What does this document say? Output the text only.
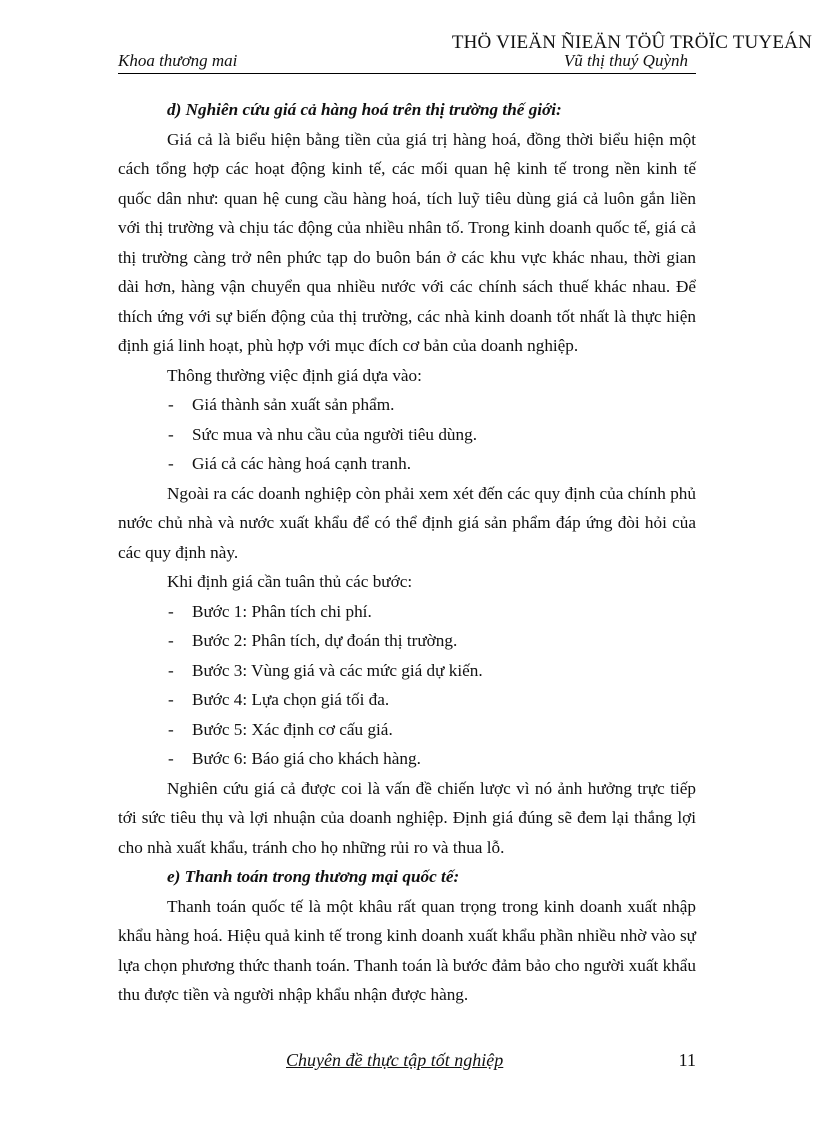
THÖ VIEÄN ÑIEÄN TÖÛ TRÖÏC TUYEÁN
Khoa thương mai	Vũ thị thuý Quỳnh

d) Nghiên cứu giá cả hàng hoá trên thị trường thế giới:

Giá cả là biểu hiện bằng tiền của giá trị hàng hoá, đồng thời biểu hiện một cách tổng hợp các hoạt động kinh tế, các mối quan hệ kinh tế trong nền kinh tế quốc dân như: quan hệ cung cầu hàng hoá, tích luỹ tiêu dùng giá cả luôn gắn liền với thị trường và chịu tác động của nhiều nhân tố. Trong kinh doanh quốc tế, giá cả thị trường càng trở nên phức tạp do buôn bán ở các khu vực khác nhau, thời gian dài hơn, hàng vận chuyển qua nhiều nước với các chính sách thuế khác nhau. Để thích ứng với sự biến động của thị trường, các nhà kinh doanh tốt nhất là thực hiện định giá linh hoạt, phù hợp với mục đích cơ bản của doanh nghiệp.

Thông thường việc định giá dựa vào:

- Giá thành sản xuất sản phẩm.
- Sức mua và nhu cầu của người tiêu dùng.
- Giá cả các hàng hoá cạnh tranh.

Ngoài ra các doanh nghiệp còn phải xem xét đến các quy định của chính phủ nước chủ nhà và nước xuất khẩu để có thể định giá sản phẩm đáp ứng đòi hỏi của các quy định này.

Khi định giá cần tuân thủ các bước:

- Bước 1: Phân tích chi phí.
- Bước 2: Phân tích, dự đoán thị trường.
- Bước 3: Vùng giá và các mức giá dự kiến.
- Bước 4: Lựa chọn giá tối đa.
- Bước 5: Xác định cơ cấu giá.
- Bước 6: Báo giá cho khách hàng.

Nghiên cứu giá cả được coi là vấn đề chiến lược vì nó ảnh hưởng trực tiếp tới sức tiêu thụ và lợi nhuận của doanh nghiệp. Định giá đúng sẽ đem lại thắng lợi cho nhà xuất khẩu, tránh cho họ những rủi ro và thua lỗ.

e) Thanh toán trong thương mại quốc tế:

Thanh toán quốc tế là một khâu rất quan trọng trong kinh doanh xuất nhập khẩu hàng hoá. Hiệu quả kinh tế trong kinh doanh xuất khẩu phần nhiều nhờ vào sự lựa chọn phương thức thanh toán. Thanh toán là bước đảm bảo cho người xuất khẩu thu được tiền và người nhập khẩu nhận được hàng.

Chuyên đề thực tập tốt nghiệp	11
